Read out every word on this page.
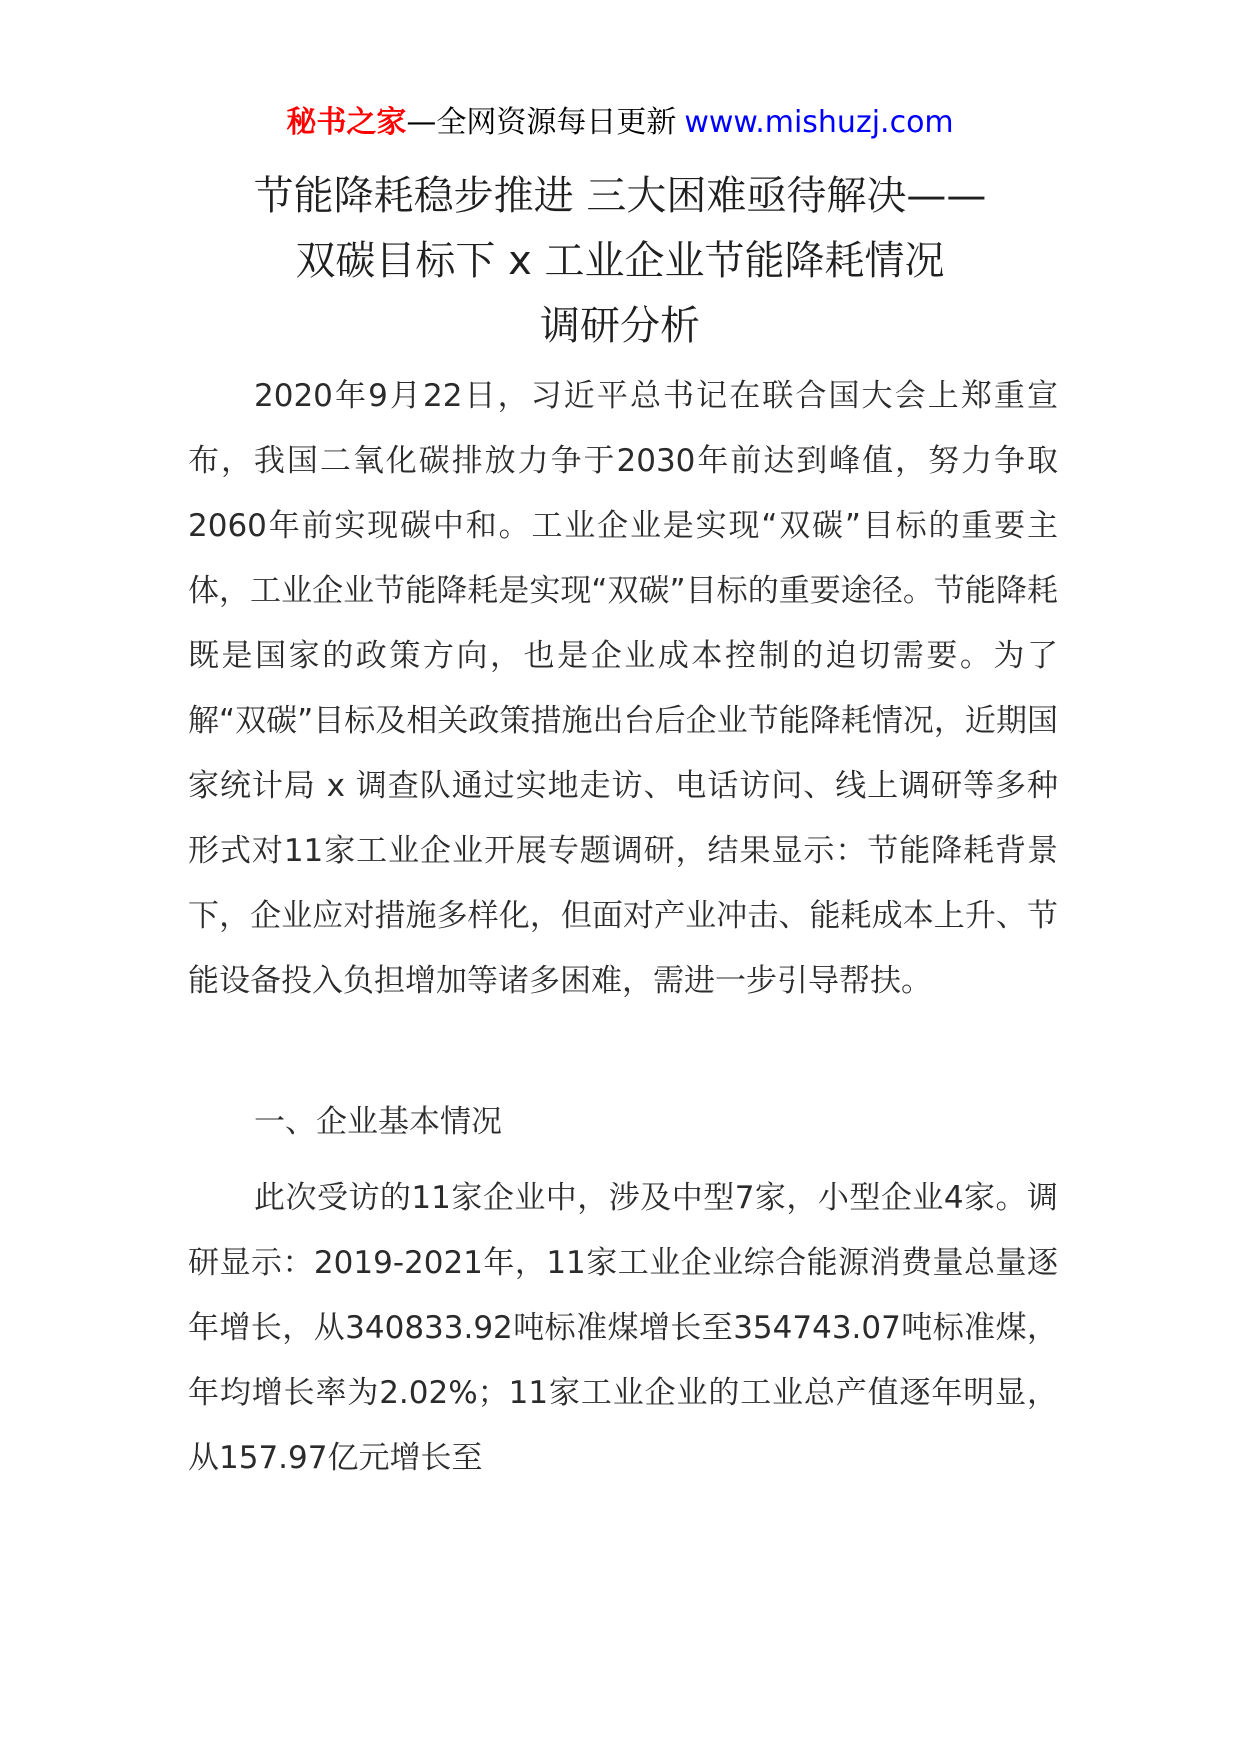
秘书之家—全网资源每日更新 www.mishuzj.com
节能降耗稳步推进 三大困难亟待解决——
双碳目标下 x 工业企业节能降耗情况
调研分析

2020年9月22日，习近平总书记在联合国大会上郑重宣布，我国二氧化碳排放力争于2030年前达到峰值，努力争取2060年前实现碳中和。工业企业是实现“双碳”目标的重要主体，工业企业节能降耗是实现“双碳”目标的重要途径。节能降耗既是国家的政策方向，也是企业成本控制的迫切需要。为了解“双碳”目标及相关政策措施出台后企业节能降耗情况，近期国家统计局 x 调查队通过实地走访、电话访问、线上调研等多种形式对11家工业企业开展专题调研，结果显示：节能降耗背景下，企业应对措施多样化，但面对产业冲击、能耗成本上升、节能设备投入负担增加等诸多困难，需进一步引导帮扶。

一、企业基本情况

此次受访的11家企业中，涉及中型7家，小型企业4家。调研显示：2019-2021年，11家工业企业综合能源消费量总量逐年增长，从340833.92吨标准煤增长至354743.07吨标准煤，年均增长率为2.02%；11家工业企业的工业总产值逐年明显，从157.97亿元增长至
